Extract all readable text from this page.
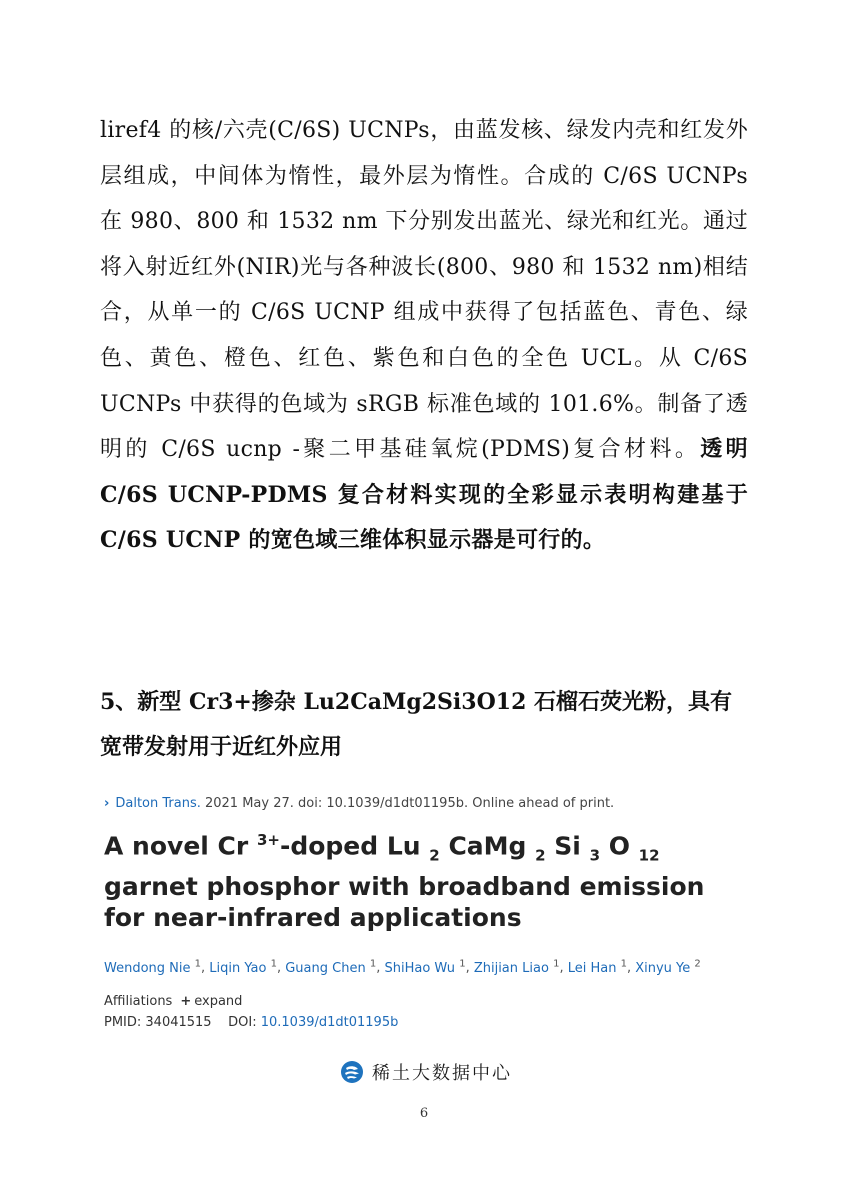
liref4 的核/六壳(C/6S) UCNPs，由蓝发核、绿发内壳和红发外层组成，中间体为惰性，最外层为惰性。合成的 C/6S UCNPs 在 980、800 和 1532 nm 下分别发出蓝光、绿光和红光。通过将入射近红外(NIR)光与各种波长(800、980 和 1532 nm)相结合，从单一的 C/6S UCNP 组成中获得了包括蓝色、青色、绿色、黄色、橙色、红色、紫色和白色的全色 UCL。从 C/6S UCNPs 中获得的色域为 sRGB 标准色域的 101.6%。制备了透明的 C/6S ucnp -聚二甲基硅氧烷(PDMS)复合材料。透明 C/6S UCNP-PDMS 复合材料实现的全彩显示表明构建基于 C/6S UCNP 的宽色域三维体积显示器是可行的。

5、新型 Cr3+掺杂 Lu2CaMg2Si3O12 石榴石荧光粉，具有宽带发射用于近红外应用
› Dalton Trans. 2021 May 27. doi: 10.1039/d1dt01195b. Online ahead of print.
A novel Cr $^{3+}$-doped Lu $_2$ CaMg $_2$ Si $_3$ O $_{12}$ garnet phosphor with broadband emission for near-infrared applications
Wendong Nie $^1$, Liqin Yao $^1$, Guang Chen $^1$, ShiHao Wu $^1$, Zhijian Liao $^1$, Lei Han $^1$, Xinyu Ye $^2$
Affiliations + expand
PMID: 34041515 DOI: 10.1039/d1dt01195b
稀土大数据中心
6
